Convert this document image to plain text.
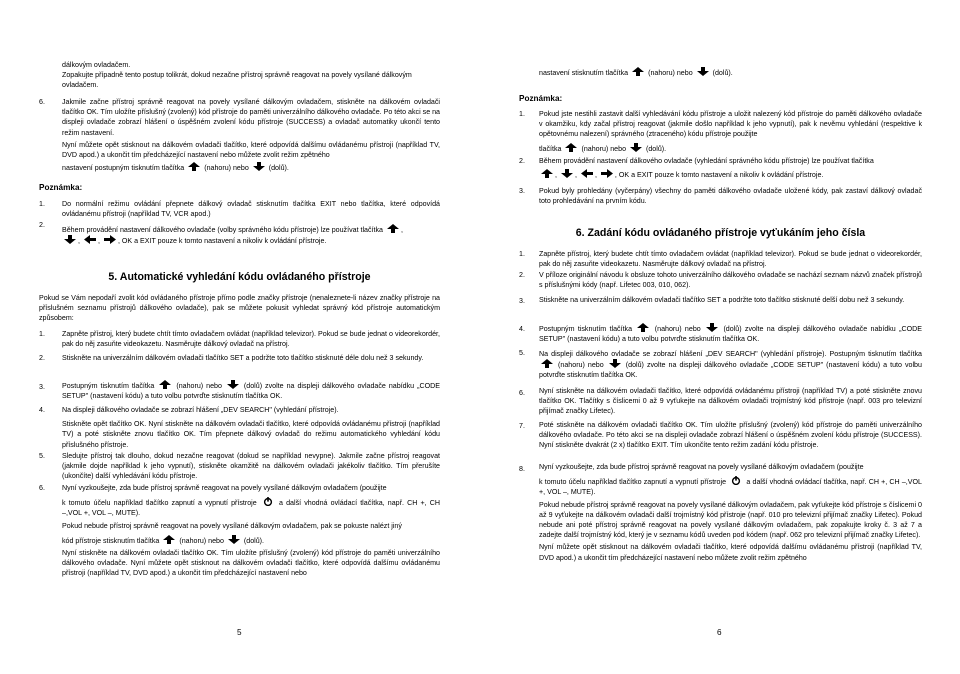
dálkovým ovladačem.
Zopakujte případně tento postup tolikrát, dokud nezačne přístroj správně reagovat na povely vysílané dálkovým ovladačem.
6. Jakmile začne přístroj správně reagovat na povely vysílané dálkovým ovladačem, stiskněte na dálkovém ovladači tlačítko OK. Tím uložíte příslušný (zvolený) kód přístroje do paměti univerzálního dálkového ovladače. Po této akci se na displeji ovladače zobrazí hlášení o úspěšném zvolení kódu přístroje (SUCCESS) a ovladač automatiky ukončí tento režim nastavení.
Nyní můžete opět stisknout na dálkovém ovladači tlačítko, které odpovídá dalšímu ovládanému přístroji (například TV, DVD apod.) a ukončit tím předcházející nastavení nebo můžete zvolit režim zpětného
nastavení postupným tisknutím tlačítka	(nahoru) nebo	(dolů).
Poznámka:
1. Do normální režimu ovládání přepnete dálkový ovladač stisknutím tlačítka EXIT nebo tlačítka, které odpovídá ovládanému přístroji (například TV, VCR apod.)
2.
Během provádění nastavení dálkového ovladače (volby správného kódu přístroje) lze používat tlačítka	,

,	,	, OK a EXIT pouze k tomto nastavení a nikoliv k ovládání přístroje.
5. Automatické vyhledání kódu ovládaného přístroje
Pokud se Vám nepodaří zvolit kód ovládaného přístroje přímo podle značky přístroje (nenaleznete-li název značky přístroje na příslušném seznamu přístrojů dálkového ovladače), pak se můžete pokusit vyhledat správný kód přístroje automatickým způsobem:
1. Zapněte přístroj, který budete chtít tímto ovladačem ovládat (například televizor). Pokud se bude jednat o videorekordér, pak do něj zasuňte videokazetu. Nasměrujte dálkový ovladač na přístroj.
2. Stiskněte na univerzálním dálkovém ovladači tlačítko SET a podržte toto tlačítko stisknuté déle dolu než 3 sekundy.
3. Postupným tisknutím tlačítka	(nahoru) nebo	(dolů) zvolte na displeji dálkového ovladače nabídku „CODE SETUP" (nastavení kódu) a tuto volbu potvrďte stisknutím tlačítka OK.
4. Na displeji dálkového ovladače se zobrazí hlášení „DEV SEARCH" (vyhledání přístroje).
Stiskněte opět tlačítko OK. Nyní stiskněte na dálkovém ovladači tlačítko, které odpovídá ovládanému přístroji (například TV) a poté stiskněte znovu tlačítko OK. Tím přepnete dálkový ovladač do režimu automatického vyhledání kódu příslušného přístroje.
5. Sledujte přístroj tak dlouho, dokud nezačne reagovat (dokud se například nevypne). Jakmile začne přístroj reagovat (jakmile dojde například k jeho vypnutí), stiskněte okamžitě na dálkovém ovladači jakékoliv tlačítko. Tím přerušíte (ukončíte) další vyhledávání kódu přístroje.
6. Nyní vyzkoušejte, zda bude přístroj správně reagovat na povely vysílané dálkovým ovladačem (použijte
k tomuto účelu například tlačítko zapnutí a vypnutí přístroje	a další vhodná ovládací tlačítka, např. CH +, CH –,VOL +, VOL –, MUTE).
Pokud nebude přístroj správně reagovat na povely vysílané dálkovým ovladačem, pak se pokuste nalézt jiný
kód přístroje stisknutím tlačítka	(nahoru) nebo	(dolů).
Nyní stiskněte na dálkovém ovladači tlačítko OK. Tím uložíte příslušný (zvolený) kód přístroje do paměti univerzálního dálkového ovladače. Nyní můžete opět stisknout na dálkovém ovladači tlačítko, které odpovídá dalšímu ovládanému přístroji (například TV, DVD apod.) a ukončit tím předcházející nastavení nebo
5
nastavení stisknutím tlačítka	(nahoru) nebo	(dolů).
Poznámka:
1. Pokud jste nestihli zastavit další vyhledávání kódu přístroje a uložit nalezený kód přístroje do paměti dálkového ovladače v okamžiku, kdy začal přístroj reagovat (jakmile došlo například k jeho vypnutí), pak k nevěmu vyhledání (respektive k opětovnému nalezení) správného (ztraceného) kódu přístroje použijte
tlačítka	(nahoru) nebo	(dolů).
2. Během provádění nastavení dálkového ovladače (vyhledání správného kódu přístroje) lze používat tlačítka
,	,	,	, OK a EXIT pouze k tomto nastavení a nikoliv k ovládání přístroje.
3. Pokud byly prohledány (vyčerpány) všechny do paměti dálkového ovladače uložené kódy, pak zastaví dálkový ovladač toto prohledávání na prvním kódu.
6. Zadání kódu ovládaného přístroje vyťukáním jeho čísla
1. Zapněte přístroj, který budete chtít tímto ovladačem ovládat (například televizor). Pokud se bude jednat o videorekordér, pak do něj zasuňte videokazetu. Nasměrujte dálkový ovladač na přístroj.
2. V příloze originální návodu k obsluze tohoto univerzálního dálkového ovladače se nachází seznam názvů značek přístrojů s příslušnými kódy (např. Lifetec 003, 010, 062).
3. Stiskněte na univerzálním dálkovém ovladači tlačítko SET a podržte toto tlačítko stisknuté delší dobu než 3 sekundy.
4. Postupným tisknutím tlačítka	(nahoru) nebo	(dolů) zvolte na displeji dálkového ovladače nabídku „CODE SETUP" (nastavení kódu) a tuto volbu potvrďte stisknutím tlačítka OK.
5. Na displeji dálkového ovladače se zobrazí hlášení „DEV SEARCH" (vyhledání přístroje). Postupným tisknutím tlačítka
(nahoru) nebo	(dolů) zvolte na displeji dálkového ovladače „CODE SETUP" (nastavení kódu) a tuto volbu potvrďte stisknutím tlačítka OK.
6. Nyní stiskněte na dálkovém ovladači tlačítko, které odpovídá ovládanému přístroji (například TV) a poté stiskněte znovu tlačítko OK. Tlačítky s číslicemi 0 až 9 vyťukejte na dálkovém ovladači trojmístný kód přístroje (např. 003 pro televizní přijímač značky Lifetec).
7. Poté stiskněte na dálkovém ovladači tlačítko OK. Tím uložíte příslušný (zvolený) kód přístroje do paměti univerzálního dálkového ovladače. Po této akci se na displeji ovladače zobrazí hlášení o úspěšném zvolení kódu přístroje (SUCCESS). Nyní stiskněte dvakrát (2 x) tlačítko EXIT. Tím ukončíte tento režim zadání kódu přístroje.
8. Nyní vyzkoušejte, zda bude přístroj správně reagovat na povely vysílané dálkovým ovladačem (použijte
k tomuto účelu například tlačítko zapnutí a vypnutí přístroje	a další vhodná ovládací tlačítka, např. CH +, CH –,VOL +, VOL –, MUTE).
Pokud nebude přístroj správně reagovat na povely vysílané dálkovým ovladačem, pak vyťukejte kód přístroje s číslicemi 0 až 9 vyťukejte na dálkovém ovladači další trojmístný kód přístroje (např. 010 pro televizní přijímač značky Lifetec). Pokud nebude ani poté přístroj správně reagovat na povely vysílané dálkovým ovladačem, pak zopakujte kroky č. 3 až 7 a zadejte další trojmístný kód, který je v seznamu kódů uveden pod kódem (např. 062 pro televizní přijímač značky Lifetec).
Nyní můžete opět stisknout na dálkovém ovladači tlačítko, které odpovídá dalšímu ovládanému přístroji (například TV, DVD apod.) a ukončit tím předcházející nastavení nebo můžete zvolit režim zpětného
6
